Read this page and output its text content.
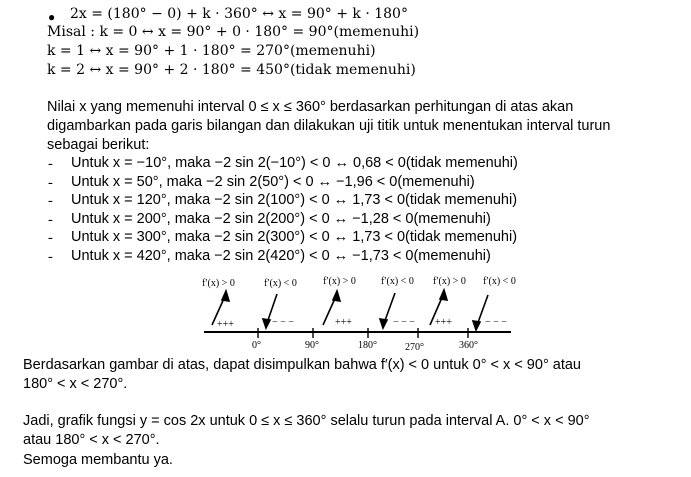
● 2x = (180° − 0) + k · 360° ↔ x = 90° + k · 180°
Misal : k = 0 ↔ x = 90° + 0 · 180° = 90°(memenuhi)
k = 1 ↔ x = 90° + 1 · 180° = 270°(memenuhi)
k = 2 ↔ x = 90° + 2 · 180° = 450°(tidak memenuhi)
Nilai x yang memenuhi interval 0 ≤ x ≤ 360° berdasarkan perhitungan di atas akan
digambarkan pada garis bilangan dan dilakukan uji titik untuk menentukan interval turun
sebagai berikut:
- Untuk x = −10°, maka −2 sin 2(−10°) < 0 ↔ 0,68 < 0(tidak memenuhi)
- Untuk x = 50°, maka −2 sin 2(50°) < 0 ↔ −1,96 < 0(memenuhi)
- Untuk x = 120°, maka −2 sin 2(100°) < 0 ↔ 1,73 < 0(tidak memenuhi)
- Untuk x = 200°, maka −2 sin 2(200°) < 0 ↔ −1,28 < 0(memenuhi)
- Untuk x = 300°, maka −2 sin 2(300°) < 0 ↔ 1,73 < 0(tidak memenuhi)
- Untuk x = 420°, maka −2 sin 2(420°) < 0 ↔ −1,73 < 0(memenuhi)
f′(x) > 0	f′(x) < 0	f′(x) > 0	f′(x) < 0 f′(x) > 0 f′(x) < 0
+++	− − −	+++	− − − +++	− − −
0°	90°	180°	270°	360°
Berdasarkan gambar di atas, dapat disimpulkan bahwa f′(x) < 0 untuk 0° < x < 90° atau
180° < x < 270°.
Jadi, grafik fungsi y = cos 2x untuk 0 ≤ x ≤ 360° selalu turun pada interval A. 0° < x < 90°
atau 180° < x < 270°.
Semoga membantu ya.
